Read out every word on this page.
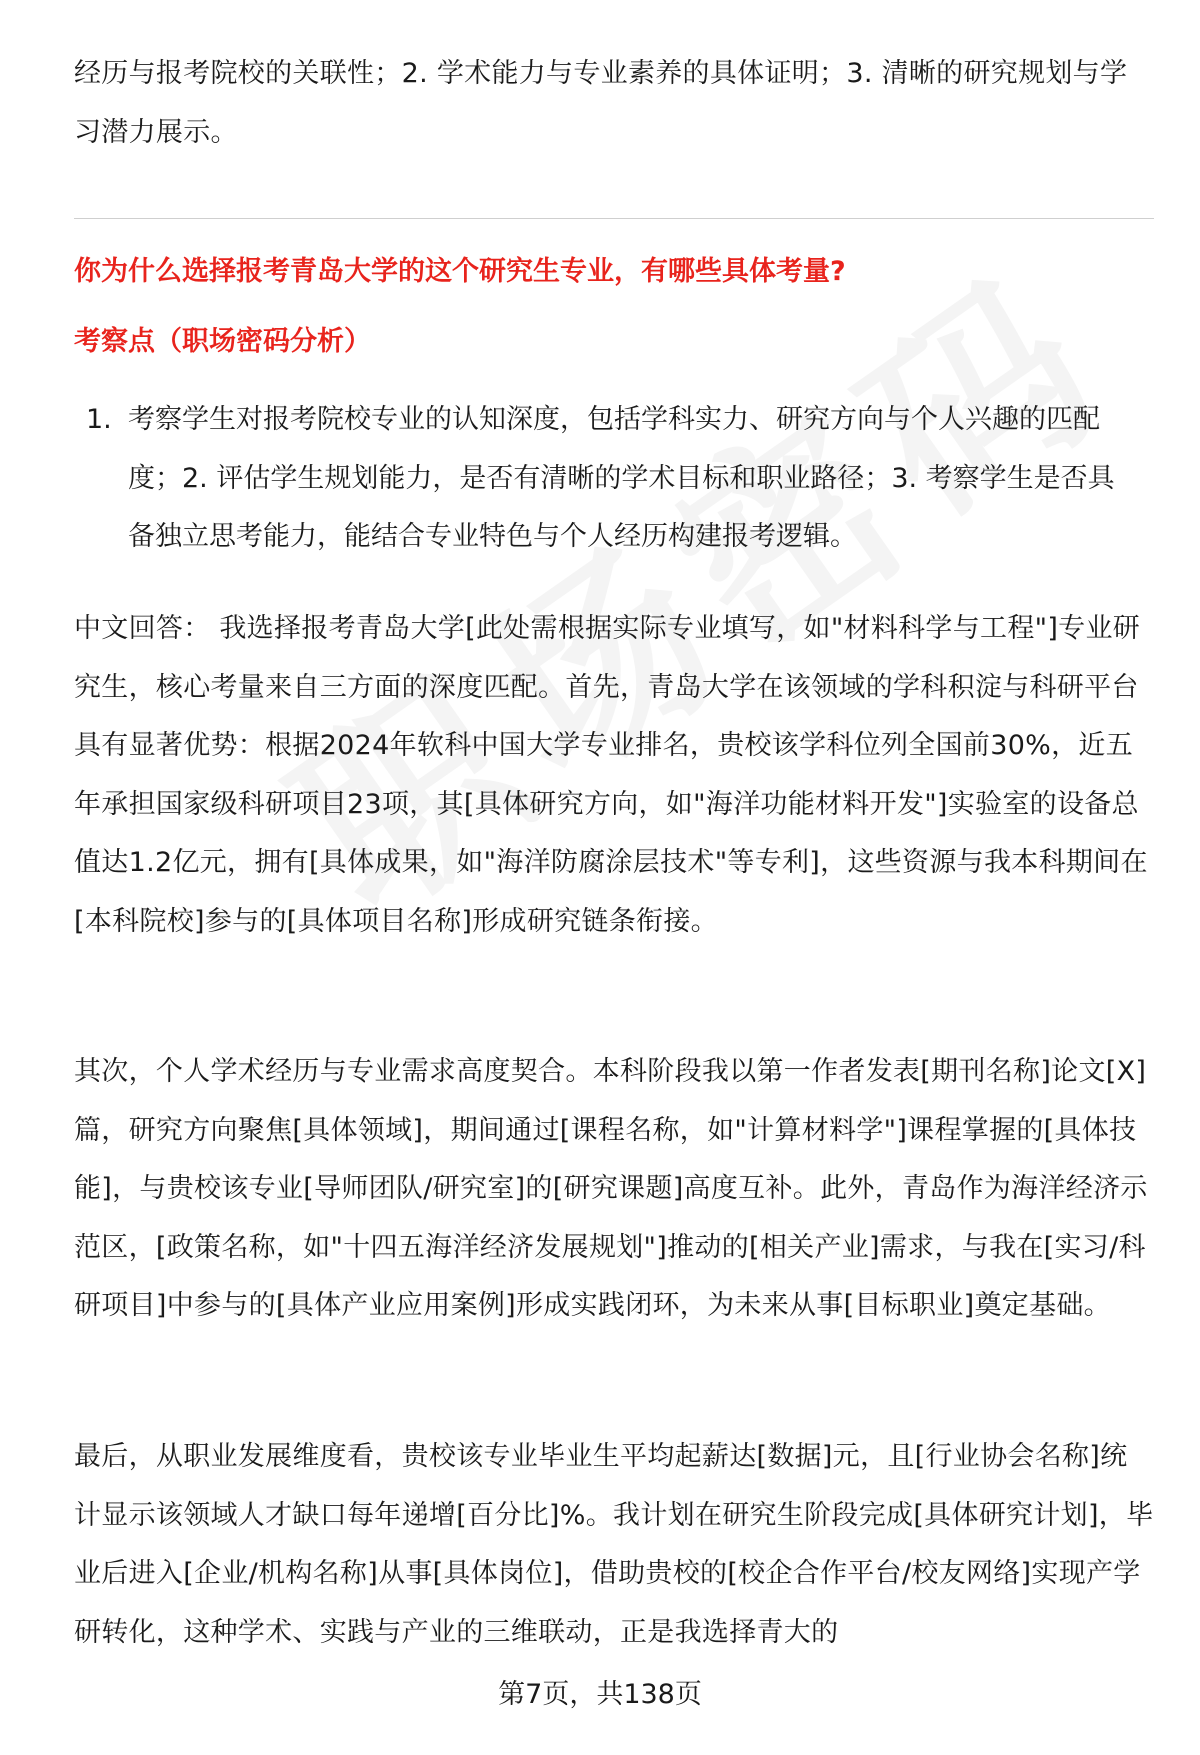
经历与报考院校的关联性；2. 学术能力与专业素养的具体证明；3. 清晰的研究规划与学习潜力展示。
你为什么选择报考青岛大学的这个研究生专业，有哪些具体考量?
考察点（职场密码分析）
1. 考察学生对报考院校专业的认知深度，包括学科实力、研究方向与个人兴趣的匹配度；2. 评估学生规划能力，是否有清晰的学术目标和职业路径；3. 考察学生是否具备独立思考能力，能结合专业特色与个人经历构建报考逻辑。
中文回答： 我选择报考青岛大学[此处需根据实际专业填写，如"材料科学与工程"]专业研究生，核心考量来自三方面的深度匹配。首先，青岛大学在该领域的学科积淀与科研平台具有显著优势：根据2024年软科中国大学专业排名，贵校该学科位列全国前30%，近五年承担国家级科研项目23项，其[具体研究方向，如"海洋功能材料开发"]实验室的设备总值达1.2亿元，拥有[具体成果，如"海洋防腐涂层技术"等专利]，这些资源与我本科期间在[本科院校]参与的[具体项目名称]形成研究链条衔接。
其次，个人学术经历与专业需求高度契合。本科阶段我以第一作者发表[期刊名称]论文[X]篇，研究方向聚焦[具体领域]，期间通过[课程名称，如"计算材料学"]课程掌握的[具体技能]，与贵校该专业[导师团队/研究室]的[研究课题]高度互补。此外，青岛作为海洋经济示范区，[政策名称，如"十四五海洋经济发展规划"]推动的[相关产业]需求，与我在[实习/科研项目]中参与的[具体产业应用案例]形成实践闭环，为未来从事[目标职业]奠定基础。
最后，从职业发展维度看，贵校该专业毕业生平均起薪达[数据]元，且[行业协会名称]统计显示该领域人才缺口每年递增[百分比]%。我计划在研究生阶段完成[具体研究计划]，毕业后进入[企业/机构名称]从事[具体岗位]，借助贵校的[校企合作平台/校友网络]实现产学研转化，这种学术、实践与产业的三维联动，正是我选择青大的
第7页，共138页
